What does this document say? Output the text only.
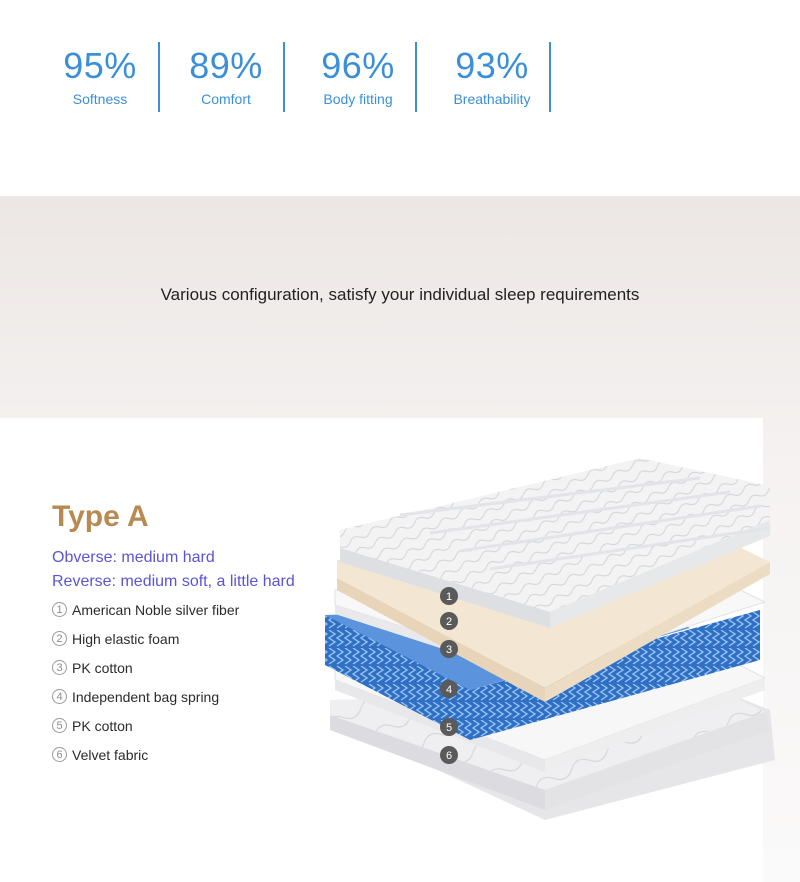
95%
Softness
89%
Comfort
96%
Body fitting
93%
Breathability
Various configuration, satisfy your individual sleep requirements
Type A
Obverse: medium hard
Reverse: medium soft, a little hard
1 American Noble silver fiber
2 High elastic foam
3 PK cotton
4 Independent bag spring
5 PK cotton
6 Velvet fabric
1
2
3
4
5
6
